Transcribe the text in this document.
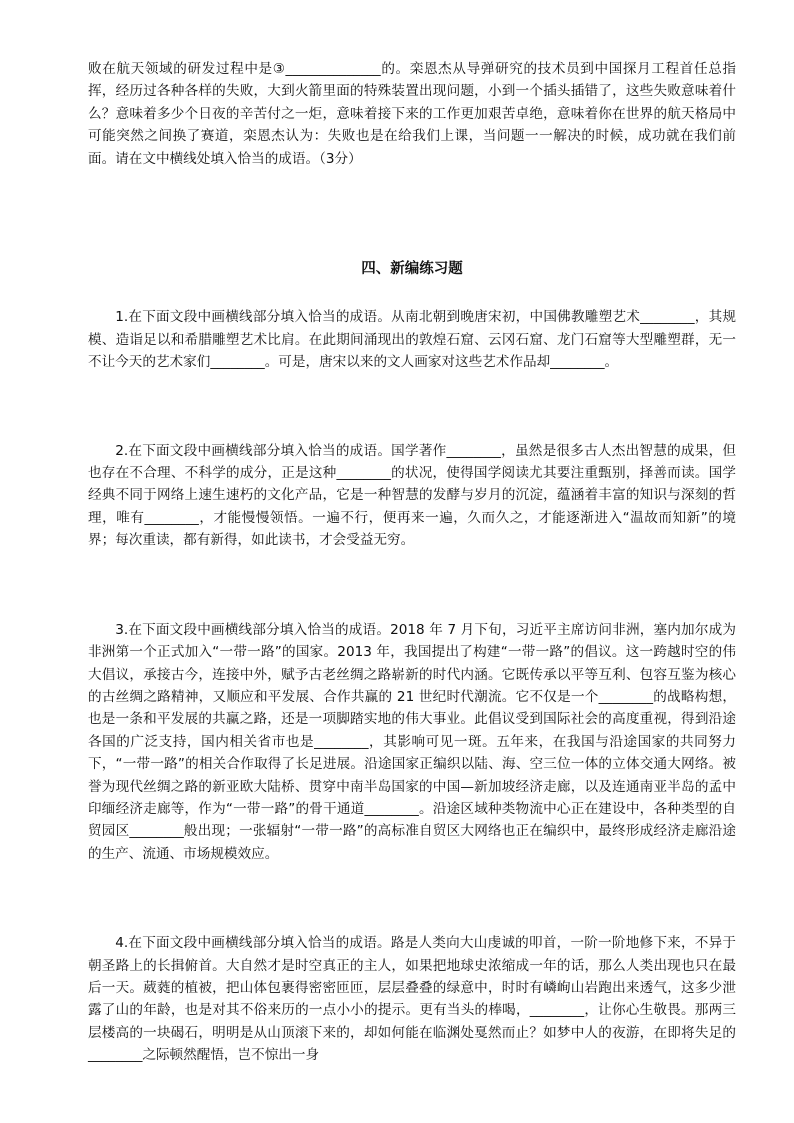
败在航天领域的研发过程中是③______________的。栾恩杰从导弹研究的技术员到中国探月工程首任总指挥，经历过各种各样的失败，大到火箭里面的特殊装置出现问题，小到一个插头插错了，这些失败意味着什么？意味着多少个日夜的辛苦付之一炬，意味着接下来的工作更加艰苦卓绝，意味着你在世界的航天格局中可能突然之间换了赛道，栾恩杰认为：失败也是在给我们上课，当问题一一解决的时候，成功就在我们前面。请在文中横线处填入恰当的成语。（3分）

四、新编练习题

1.在下面文段中画横线部分填入恰当的成语。从南北朝到晚唐宋初，中国佛教雕塑艺术________，其规模、造诣足以和希腊雕塑艺术比肩。在此期间涌现出的敦煌石窟、云冈石窟、龙门石窟等大型雕塑群，无一不让今天的艺术家们________。可是，唐宋以来的文人画家对这些艺术作品却________。

2.在下面文段中画横线部分填入恰当的成语。国学著作________，虽然是很多古人杰出智慧的成果，但也存在不合理、不科学的成分，正是这种________的状况，使得国学阅读尤其要注重甄别，择善而读。国学经典不同于网络上速生速朽的文化产品，它是一种智慧的发酵与岁月的沉淀，蕴涵着丰富的知识与深刻的哲理，唯有________，才能慢慢领悟。一遍不行，便再来一遍，久而久之，才能逐渐进入“温故而知新”的境界；每次重读，都有新得，如此读书，才会受益无穷。

3.在下面文段中画横线部分填入恰当的成语。2018 年 7 月下旬，习近平主席访问非洲，塞内加尔成为非洲第一个正式加入“一带一路”的国家。2013 年，我国提出了构建“一带一路”的倡议。这一跨越时空的伟大倡议，承接古今，连接中外，赋予古老丝绸之路崭新的时代内涵。它既传承以平等互利、包容互鉴为核心的古丝绸之路精神，又顺应和平发展、合作共赢的 21 世纪时代潮流。它不仅是一个________的战略构想，也是一条和平发展的共赢之路，还是一项脚踏实地的伟大事业。此倡议受到国际社会的高度重视，得到沿途各国的广泛支持，国内相关省市也是________，其影响可见一斑。五年来，在我国与沿途国家的共同努力下，“一带一路”的相关合作取得了长足进展。沿途国家正编织以陆、海、空三位一体的立体交通大网络。被誉为现代丝绸之路的新亚欧大陆桥、贯穿中南半岛国家的中国—新加坡经济走廊，以及连通南亚半岛的孟中印缅经济走廊等，作为“一带一路”的骨干通道________。沿途区域种类物流中心正在建设中，各种类型的自贸园区________般出现；一张辐射“一带一路”的高标准自贸区大网络也正在编织中，最终形成经济走廊沿途的生产、流通、市场规模效应。

4.在下面文段中画横线部分填入恰当的成语。路是人类向大山虔诚的叩首，一阶一阶地修下来，不异于朝圣路上的长揖俯首。大自然才是时空真正的主人，如果把地球史浓缩成一年的话，那么人类出现也只在最后一天。葳蕤的植被，把山体包裹得密密匝匝，层层叠叠的绿意中，时时有嶙峋山岩跑出来透气，这多少泄露了山的年龄，也是对其不俗来历的一点小小的提示。更有当头的棒喝，________，让你心生敬畏。那两三层楼高的一块碣石，明明是从山顶滚下来的，却如何能在临渊处戛然而止？如梦中人的夜游，在即将失足的________之际顿然醒悟，岂不惊出一身
